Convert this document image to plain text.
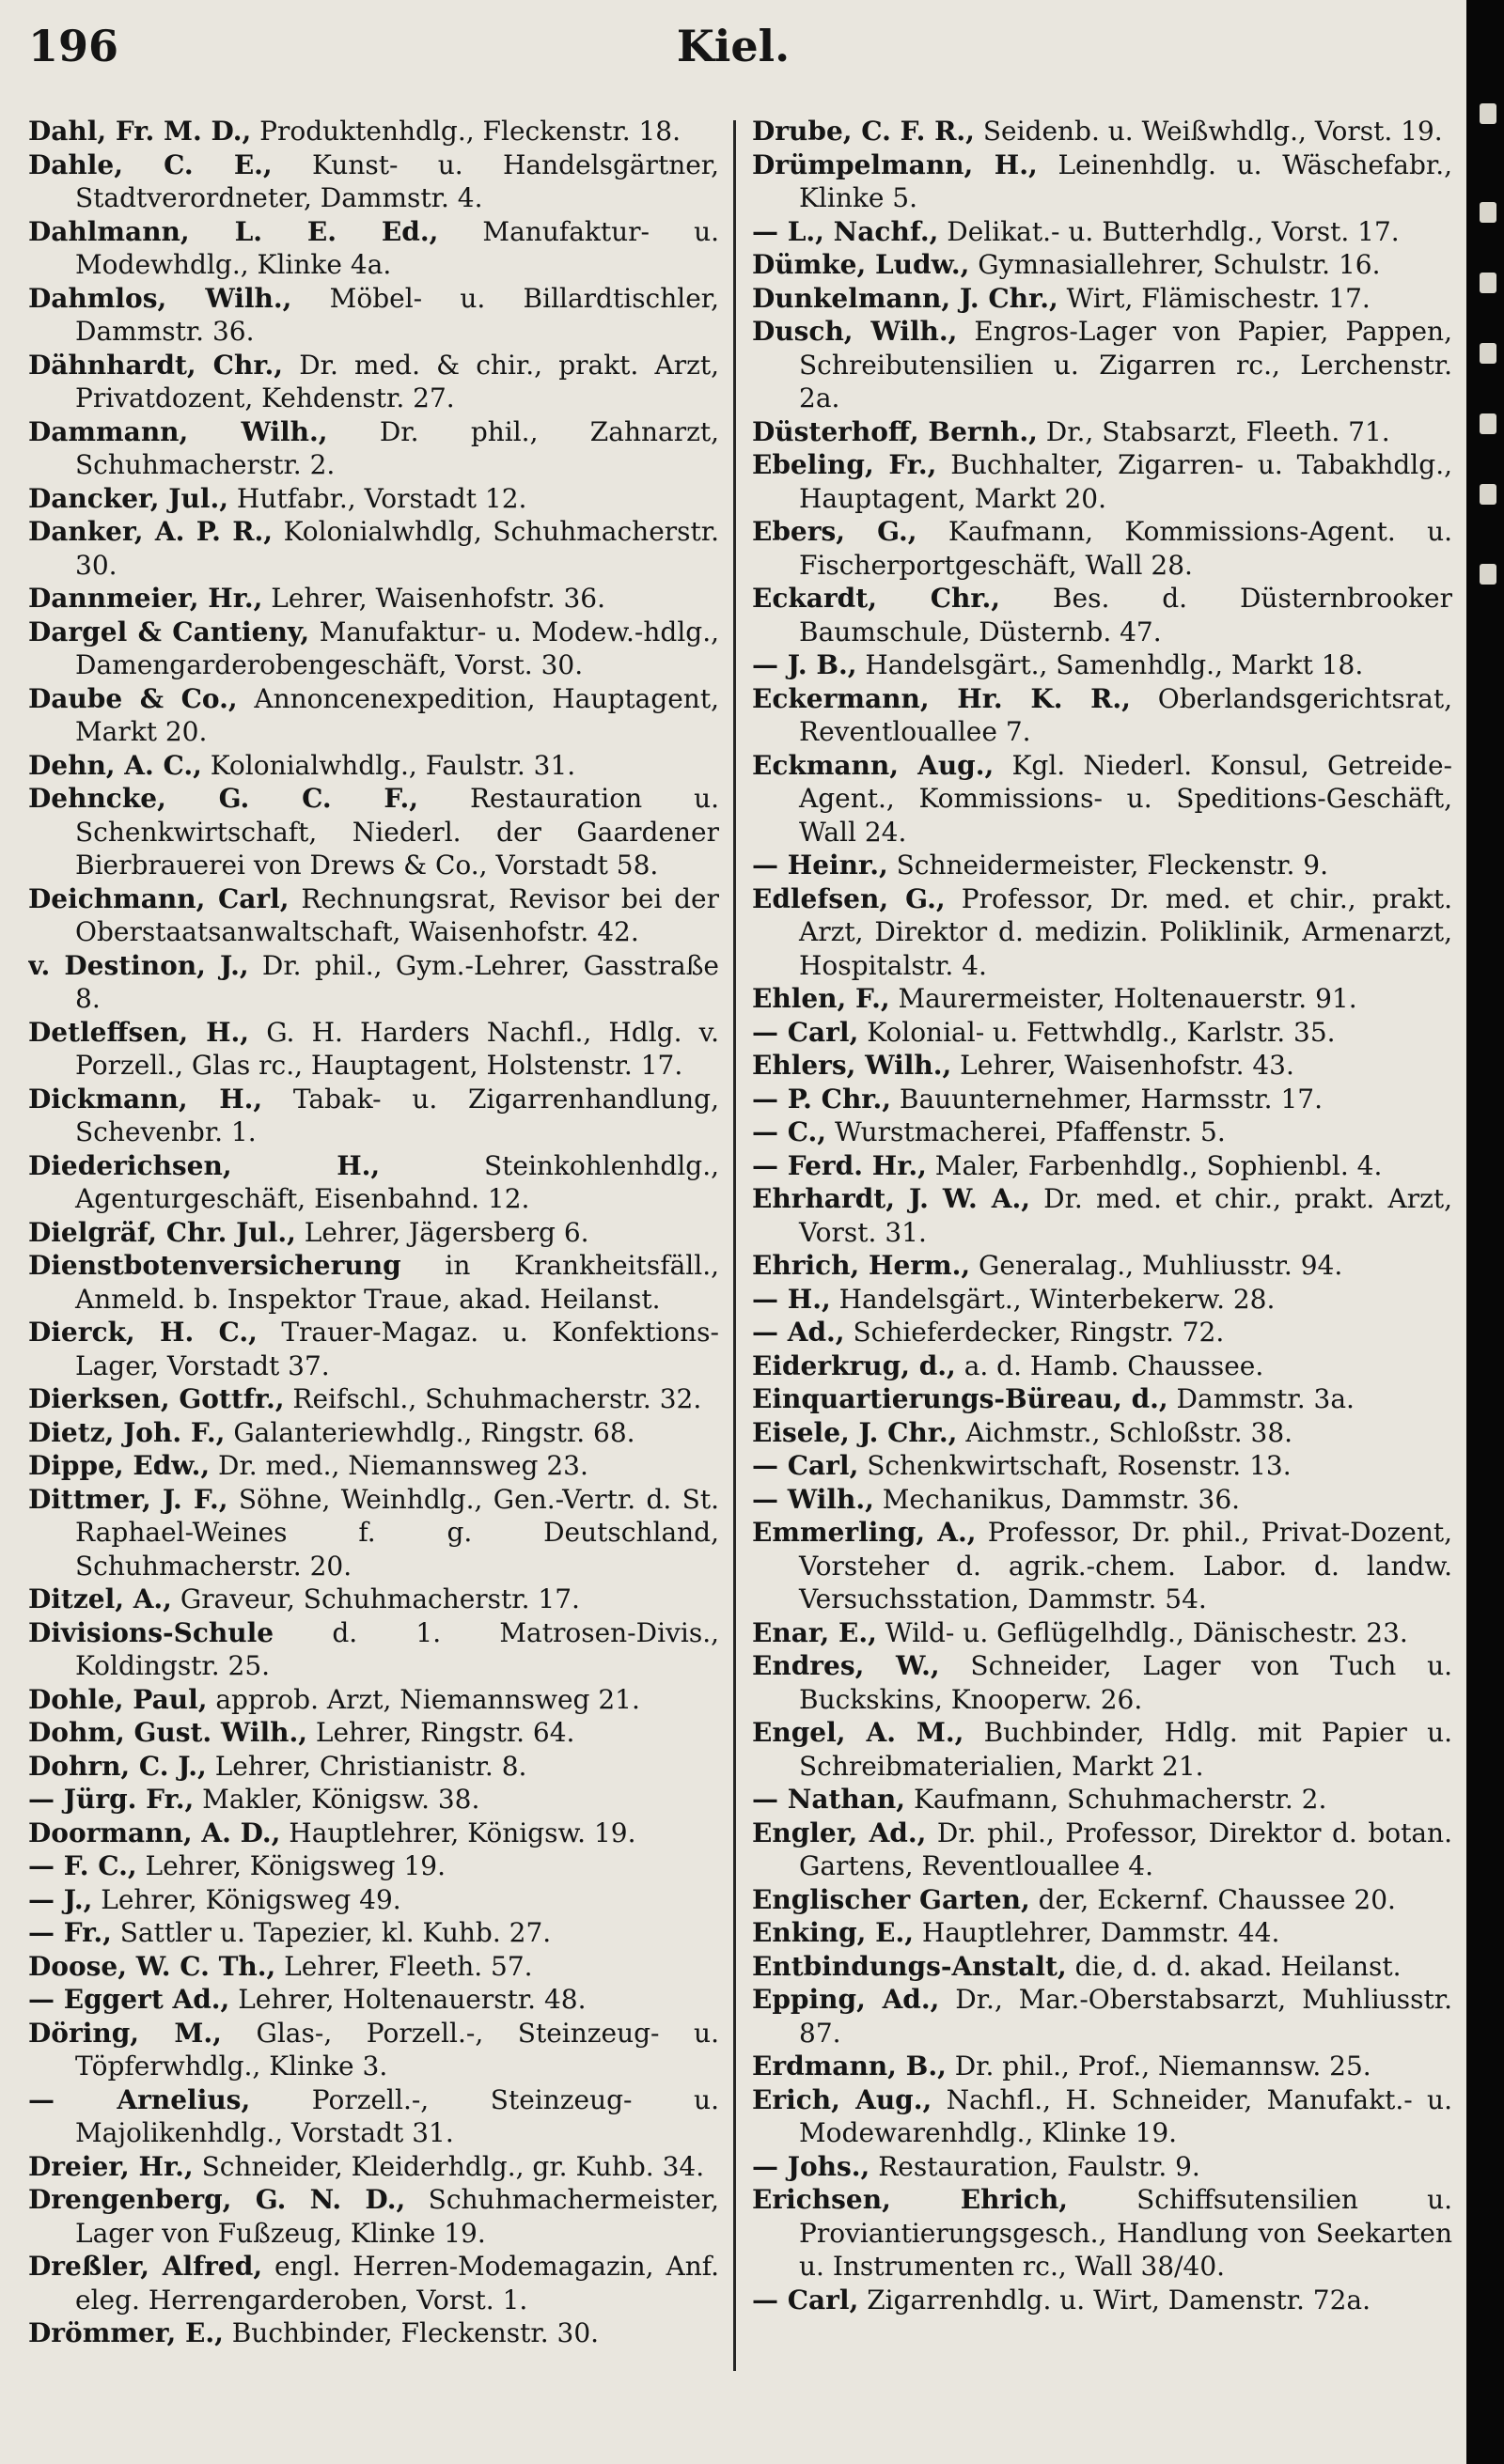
196	Kiel.

Dahl, Fr. M. D., Produktenhdlg., Fleckenstr. 18.

Dahle, C. E., Kunst- u. Handelsgärtner, Stadtverordneter, Dammstr. 4.

Dahlmann, L. E. Ed., Manufaktur- u. Modewhdlg., Klinke 4a.

Dahmlos, Wilh., Möbel- u. Billardtischler, Dammstr. 36.

Dähnhardt, Chr., Dr. med. & chir., prakt. Arzt, Privatdozent, Kehdenstr. 27.

Dammann, Wilh., Dr. phil., Zahnarzt, Schuhmacherstr. 2.

Dancker, Jul., Hutfabr., Vorstadt 12.

Danker, A. P. R., Kolonialwhdlg, Schuhmacherstr. 30.

Dannmeier, Hr., Lehrer, Waisenhofstr. 36.

Dargel & Cantieny, Manufaktur- u. Modew.-hdlg., Damengarderobengeschäft, Vorst. 30.

Daube & Co., Annoncenexpedition, Hauptagent, Markt 20.

Dehn, A. C., Kolonialwhdlg., Faulstr. 31.

Dehncke, G. C. F., Restauration u. Schenkwirtschaft, Niederl. der Gaardener Bierbrauerei von Drews & Co., Vorstadt 58.

Deichmann, Carl, Rechnungsrat, Revisor bei der Oberstaatsanwaltschaft, Waisenhofstr. 42.

v. Destinon, J., Dr. phil., Gym.-Lehrer, Gasstraße 8.

Detleffsen, H., G. H. Harders Nachfl., Hdlg. v. Porzell., Glas rc., Hauptagent, Holstenstr. 17.

Dickmann, H., Tabak- u. Zigarrenhandlung, Schevenbr. 1.

Diederichsen, H.,	Steinkohlenhdlg., Agenturgeschäft, Eisenbahnd. 12.

Dielgräf, Chr. Jul., Lehrer, Jägersberg 6.

Dienstbotenversicherung in Krankheitsfäll., Anmeld. b. Inspektor Traue, akad. Heilanst.

Dierck, H. C., Trauer-Magaz. u. Konfektions-Lager, Vorstadt 37.

Dierksen, Gottfr., Reifschl., Schuhmacherstr. 32.

Dietz, Joh. F., Galanteriewhdlg., Ringstr. 68.

Dippe, Edw., Dr. med., Niemannsweg 23.

Dittmer, J. F., Söhne, Weinhdlg., Gen.-Vertr. d. St. Raphael-Weines f. g. Deutschland, Schuhmacherstr. 20.

Ditzel, A., Graveur, Schuhmacherstr. 17.

Divisions-Schule d. 1. Matrosen-Divis., Koldingstr. 25.

Dohle, Paul, approb. Arzt, Niemannsweg 21.

Dohm, Gust. Wilh., Lehrer, Ringstr. 64.

Dohrn, C. J., Lehrer, Christianistr. 8.

— Jürg. Fr., Makler, Königsw. 38.

Doormann, A. D., Hauptlehrer, Königsw. 19.

— F. C., Lehrer, Königsweg 19.

— J., Lehrer, Königsweg 49.

— Fr., Sattler u. Tapezier, kl. Kuhb. 27.

Doose, W. C. Th., Lehrer, Fleeth. 57.

— Eggert Ad., Lehrer, Holtenauerstr. 48.

Döring, M., Glas-, Porzell.-, Steinzeug- u. Töpferwhdlg., Klinke 3.

— Arnelius, Porzell.-, Steinzeug- u. Majolikenhdlg., Vorstadt 31.

Dreier, Hr., Schneider, Kleiderhdlg., gr. Kuhb. 34.

Drengenberg, G. N. D., Schuhmachermeister, Lager von Fußzeug, Klinke 19.

Dreßler, Alfred, engl. Herren-Modemagazin, Anf. eleg. Herrengarderoben, Vorst. 1.

Drömmer, E., Buchbinder, Fleckenstr. 30.

Drube, C. F. R., Seidenb. u. Weißwhdlg., Vorst. 19.

Drümpelmann, H., Leinenhdlg. u. Wäschefabr., Klinke 5.

— L., Nachf., Delikat.- u. Butterhdlg., Vorst. 17.

Dümke, Ludw., Gymnasiallehrer, Schulstr. 16.

Dunkelmann, J. Chr., Wirt, Flämischestr. 17.

Dusch, Wilh., Engros-Lager von Papier, Pappen, Schreibutensilien u. Zigarren rc., Lerchenstr. 2a.

Düsterhoff, Bernh., Dr., Stabsarzt, Fleeth. 71.

Ebeling, Fr., Buchhalter, Zigarren- u. Tabakhdlg., Hauptagent, Markt 20.

Ebers, G., Kaufmann, Kommissions-Agent. u. Fischerportgeschäft, Wall 28.

Eckardt, Chr., Bes. d. Düsternbrooker Baumschule, Düsternb. 47.

— J. B., Handelsgärt., Samenhdlg., Markt 18.

Eckermann, Hr. K. R., Oberlandsgerichtsrat, Reventlouallee 7.

Eckmann, Aug., Kgl. Niederl. Konsul, Getreide-Agent., Kommissions- u. Speditions-Geschäft, Wall 24.

— Heinr., Schneidermeister, Fleckenstr. 9.

Edlefsen, G., Professor, Dr. med. et chir., prakt. Arzt, Direktor d. medizin. Poliklinik, Armenarzt, Hospitalstr. 4.

Ehlen, F., Maurermeister, Holtenauerstr. 91.

— Carl, Kolonial- u. Fettwhdlg., Karlstr. 35.

Ehlers, Wilh., Lehrer, Waisenhofstr. 43.

— P. Chr., Bauunternehmer, Harmsstr. 17.

— C., Wurstmacherei, Pfaffenstr. 5.

— Ferd. Hr., Maler, Farbenhdlg., Sophienbl. 4.

Ehrhardt, J. W. A., Dr. med. et chir., prakt. Arzt, Vorst. 31.

Ehrich, Herm., Generalag., Muhliusstr. 94.

— H., Handelsgärt., Winterbekerw. 28.

— Ad., Schieferdecker, Ringstr. 72.

Eiderkrug, d., a. d. Hamb. Chaussee.

Einquartierungs-Büreau, d., Dammstr. 3a.

Eisele, J. Chr., Aichmstr., Schloßstr. 38.

— Carl, Schenkwirtschaft, Rosenstr. 13.

— Wilh., Mechanikus, Dammstr. 36.

Emmerling, A., Professor, Dr. phil., Privat-Dozent, Vorsteher d. agrik.-chem. Labor. d. landw. Versuchsstation, Dammstr. 54.

Enar, E., Wild- u. Geflügelhdlg., Dänischestr. 23.

Endres, W., Schneider, Lager von Tuch u. Buckskins, Knooperw. 26.

Engel, A. M., Buchbinder, Hdlg. mit Papier u. Schreibmaterialien, Markt 21.

— Nathan, Kaufmann, Schuhmacherstr. 2.

Engler, Ad., Dr. phil., Professor, Direktor d. botan. Gartens, Reventlouallee 4.

Englischer Garten, der, Eckernf. Chaussee 20.

Enking, E., Hauptlehrer, Dammstr. 44.

Entbindungs-Anstalt, die, d. d. akad. Heilanst.

Epping, Ad., Dr., Mar.-Oberstabsarzt, Muhliusstr. 87.

Erdmann, B., Dr. phil., Prof., Niemannsw. 25.

Erich, Aug., Nachfl., H. Schneider, Manufakt.- u. Modewarenhdlg., Klinke 19.

— Johs., Restauration, Faulstr. 9.

Erichsen, Ehrich,	Schiffsutensilien u. Proviantierungsgesch., Handlung von Seekarten u. Instrumenten rc., Wall 38/40.

— Carl, Zigarrenhdlg. u. Wirt, Damenstr. 72a.
